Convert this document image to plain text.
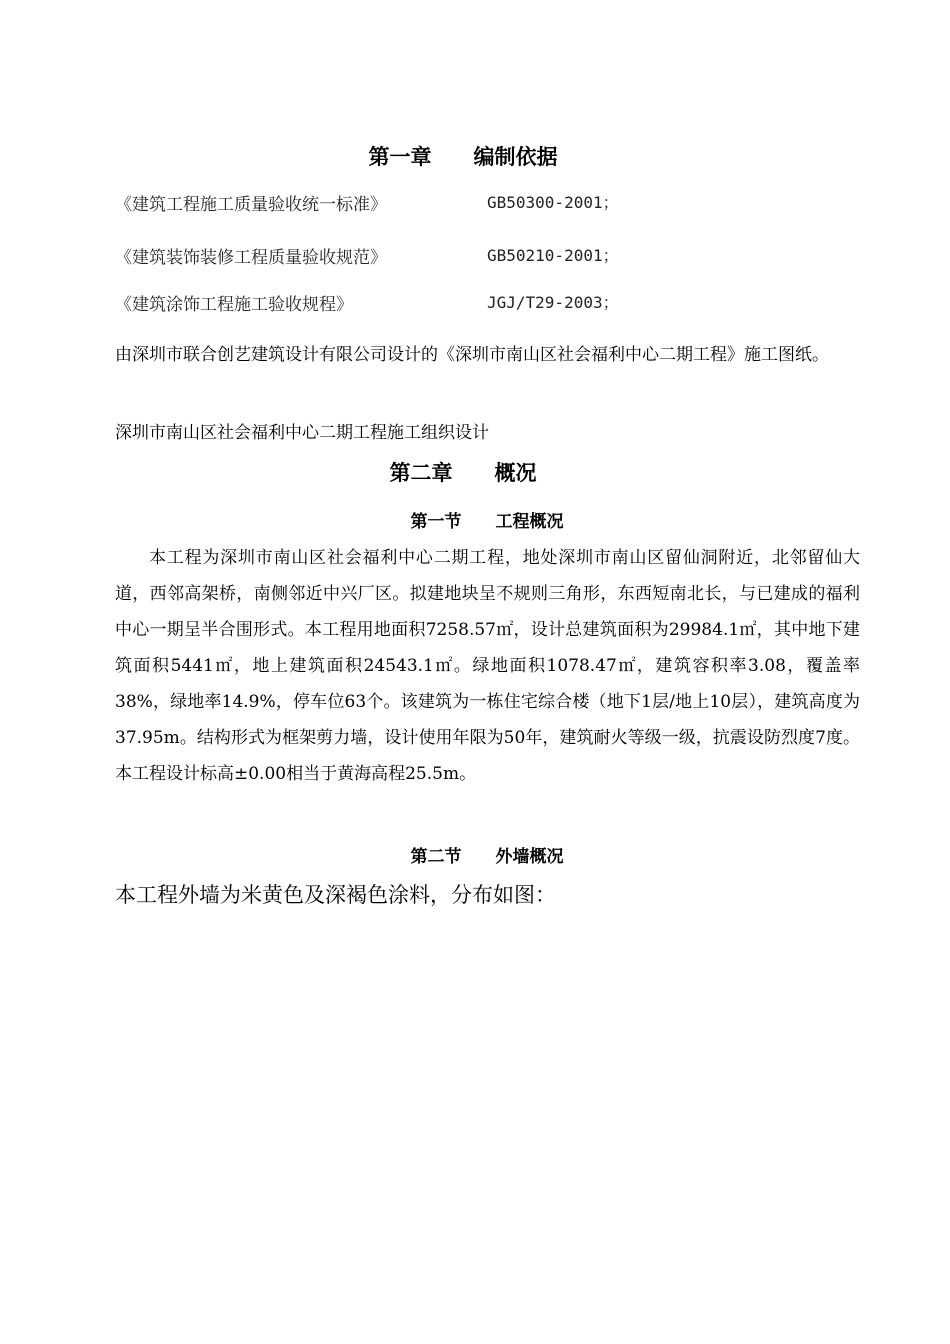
第一章　　编制依据
《建筑工程施工质量验收统一标准》	GB50300-2001；
《建筑装饰装修工程质量验收规范》	GB50210-2001；
《建筑涂饰工程施工验收规程》	JGJ/T29-2003；
由深圳市联合创艺建筑设计有限公司设计的《深圳市南山区社会福利中心二期工程》施工图纸。
深圳市南山区社会福利中心二期工程施工组织设计
第二章　　概况
第一节　　工程概况
本工程为深圳市南山区社会福利中心二期工程，地处深圳市南山区留仙洞附近，北邻留仙大道，西邻高架桥，南侧邻近中兴厂区。拟建地块呈不规则三角形，东西短南北长，与已建成的福利中心一期呈半合围形式。本工程用地面积7258.57㎡，设计总建筑面积为29984.1㎡，其中地下建筑面积5441㎡，地上建筑面积24543.1㎡。绿地面积1078.47㎡，建筑容积率3.08，覆盖率38%，绿地率14.9%，停车位63个。该建筑为一栋住宅综合楼（地下1层/地上10层），建筑高度为37.95m。结构形式为框架剪力墙，设计使用年限为50年，建筑耐火等级一级，抗震设防烈度7度。本工程设计标高±0.00相当于黄海高程25.5m。
第二节　　外墙概况
本工程外墙为米黄色及深褐色涂料，分布如图：
